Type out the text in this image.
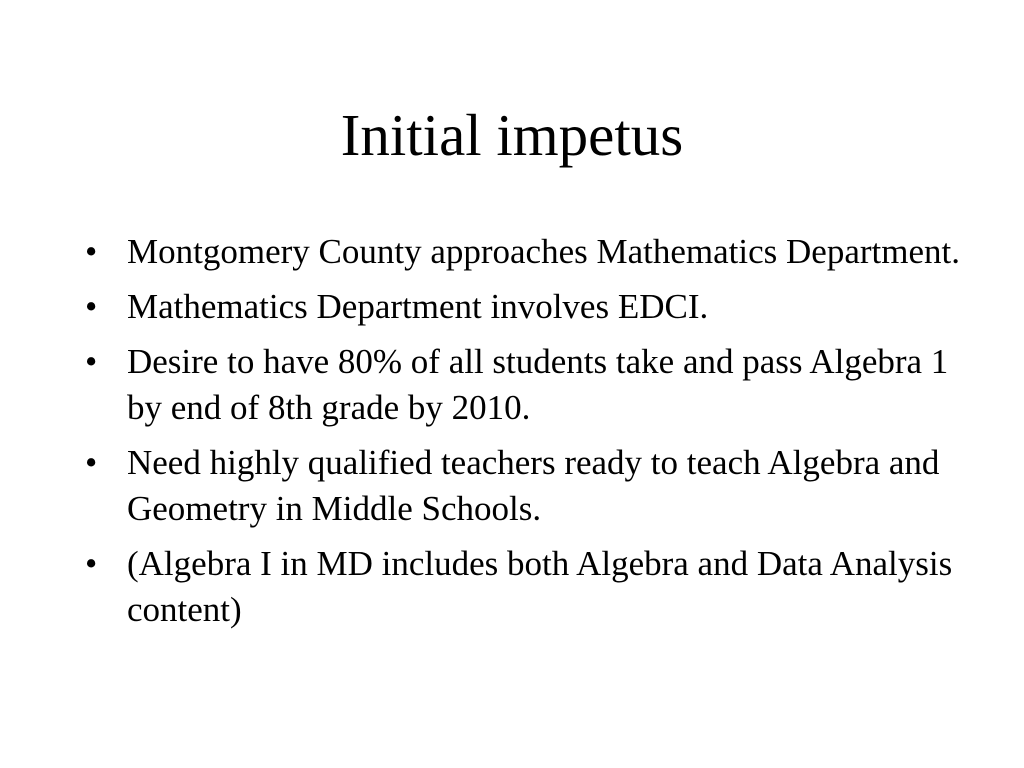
Initial impetus
• Montgomery County approaches Mathematics Department.
• Mathematics Department involves EDCI.
• Desire to have 80% of all students take and pass Algebra 1 by end of 8th grade by 2010.
• Need highly qualified teachers ready to teach Algebra and Geometry in Middle Schools.
• (Algebra I in MD includes both Algebra and Data Analysis content)
